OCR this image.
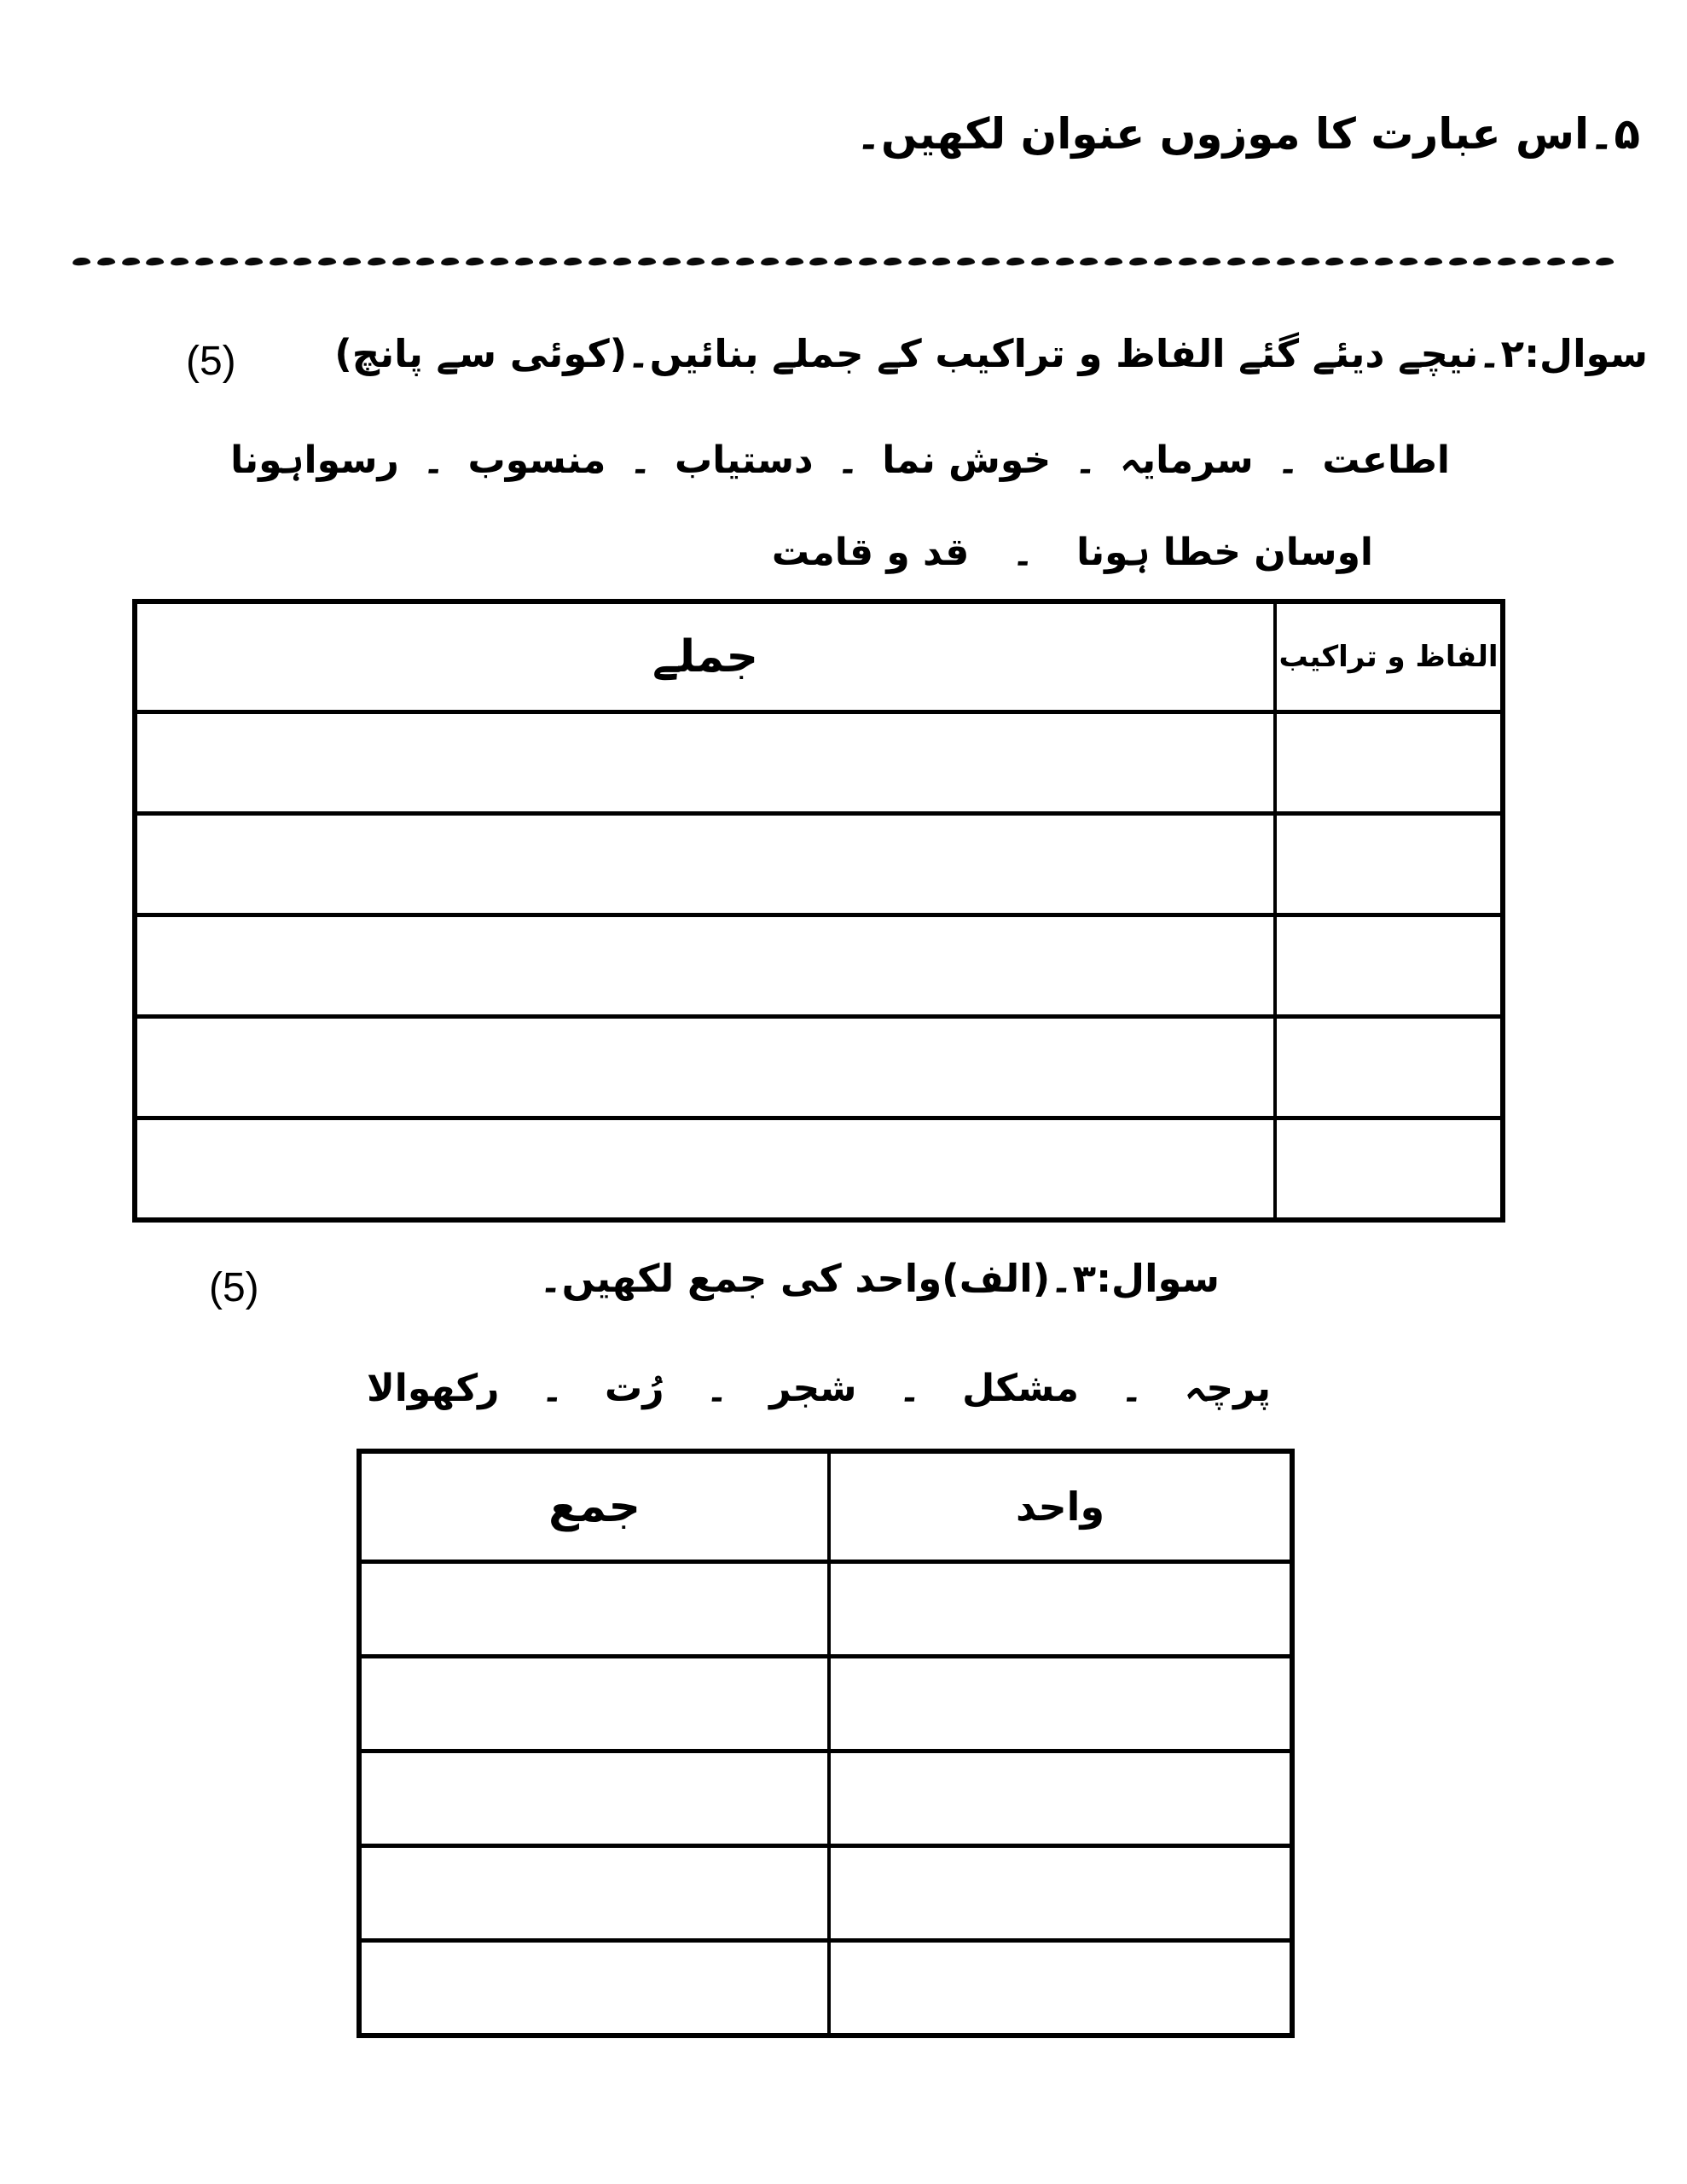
۵۔اس عبارت کا موزوں عنوان لکھیں۔
(5)	سوال:۲۔نیچے دیئے گئے الفاظ و تراکیب کے جملے بنائیں۔(کوئی سے پانچ)
اطاعت
۔
سرمایہ
۔
خوش نما
۔
دستیاب
۔
منسوب
۔
رسواہونا
اوسان خطا ہونا
۔
قد و قامت
جملے	الفاظ و تراکیب
(5)	سوال:۳۔(الف)واحد کی جمع لکھیں۔
پرچہ
۔
مشکل
۔
شجر
۔
رُت
۔
رکھوالا
جمع	واحد
